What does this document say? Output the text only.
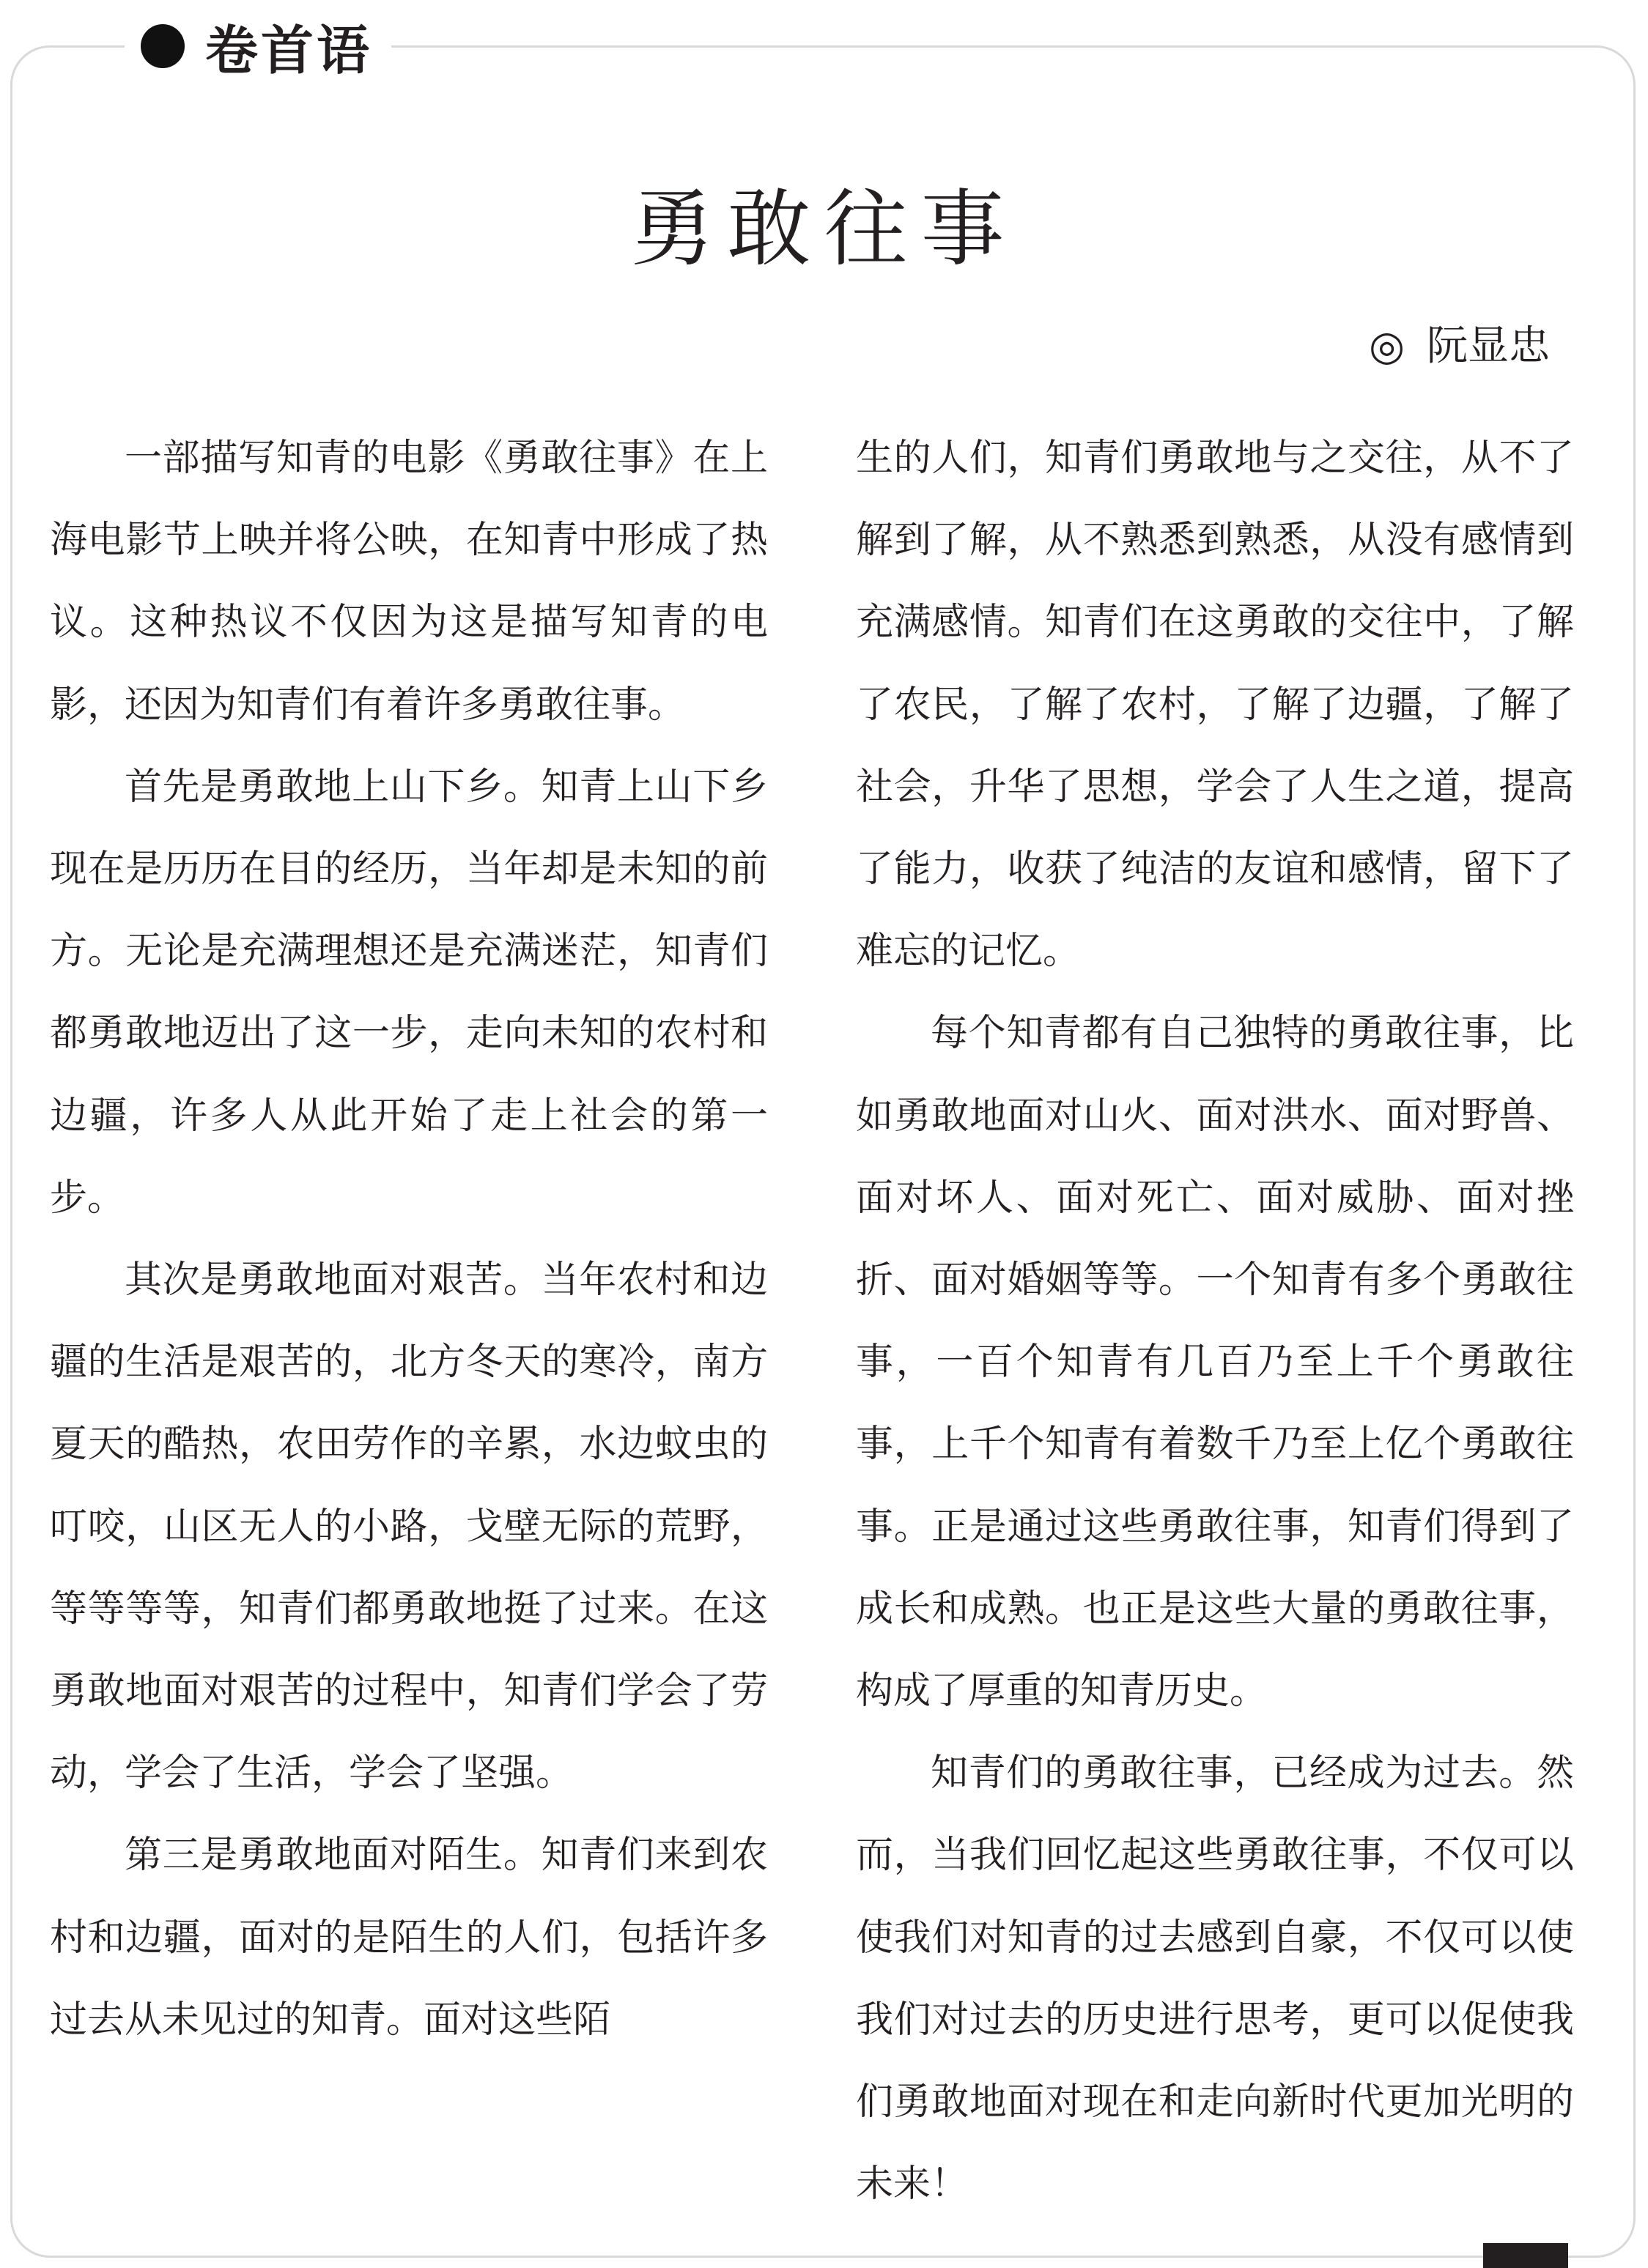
卷首语
勇敢往事
◎ 阮显忠

一部描写知青的电影《勇敢往事》在上海电影节上映并将公映，在知青中形成了热议。这种热议不仅因为这是描写知青的电影，还因为知青们有着许多勇敢往事。

首先是勇敢地上山下乡。知青上山下乡现在是历历在目的经历，当年却是未知的前方。无论是充满理想还是充满迷茫，知青们都勇敢地迈出了这一步，走向未知的农村和边疆，许多人从此开始了走上社会的第一步。

其次是勇敢地面对艰苦。当年农村和边疆的生活是艰苦的，北方冬天的寒冷，南方夏天的酷热，农田劳作的辛累，水边蚊虫的叮咬，山区无人的小路，戈壁无际的荒野，等等等等，知青们都勇敢地挺了过来。在这勇敢地面对艰苦的过程中，知青们学会了劳动，学会了生活，学会了坚强。

第三是勇敢地面对陌生。知青们来到农村和边疆，面对的是陌生的人们，包括许多过去从未见过的知青。面对这些陌

生的人们，知青们勇敢地与之交往，从不了解到了解，从不熟悉到熟悉，从没有感情到充满感情。知青们在这勇敢的交往中，了解了农民，了解了农村，了解了边疆，了解了社会，升华了思想，学会了人生之道，提高了能力，收获了纯洁的友谊和感情，留下了难忘的记忆。

每个知青都有自己独特的勇敢往事，比如勇敢地面对山火、面对洪水、面对野兽、面对坏人、面对死亡、面对威胁、面对挫折、面对婚姻等等。一个知青有多个勇敢往事，一百个知青有几百乃至上千个勇敢往事，上千个知青有着数千乃至上亿个勇敢往事。正是通过这些勇敢往事，知青们得到了成长和成熟。也正是这些大量的勇敢往事，构成了厚重的知青历史。

知青们的勇敢往事，已经成为过去。然而，当我们回忆起这些勇敢往事，不仅可以使我们对知青的过去感到自豪，不仅可以使我们对过去的历史进行思考，更可以促使我们勇敢地面对现在和走向新时代更加光明的未来！
